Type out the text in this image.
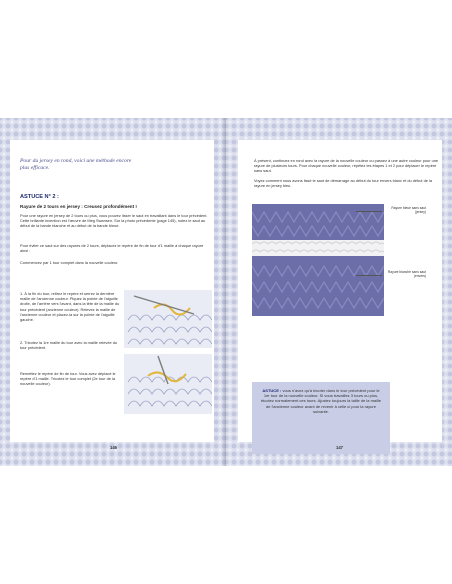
Pour du jersey en rond, voici une méthode encore plus efficace.
ASTUCE N° 2 :
Rayure de 2 tours en jersey : Creusez profondément !

Pour une rayure en jersey de 2 tours ou plus, vous pouvez lisser le saut en travaillant dans le tour précédent. Cette brillante invention est l'œuvre de Meg Swansen. Sur la photo précédente (page 145), notez le saut au début de la bande blanche et au début de la bande bleue.

Pour éviter ce saut sur des rayures de 2 tours, déplacez le repère de fin de tour d'1 maille à chaque rayure ainsi :

Commencez par 1 tour complet dans la nouvelle couleur.

1. À la fin du tour, retirez le repère et serrez la dernière maille de l'ancienne couleur. Piquez la pointe de l'aiguille droite, de l'arrière vers l'avant, dans la tête de la maille du tour précédent (ancienne couleur). Relevez la maille de l'ancienne couleur et placez-la sur la pointe de l'aiguille gauche.

2. Tricotez la 1re maille du tour avec la maille relevée du tour précédent.

Remettez le repère de fin de tour. Vous avez déplacé le repère d'1 maille. Tricotez le tour complet (2e tour de la nouvelle couleur).

146

À présent, continuez en rond avec la rayure de la nouvelle couleur ou passez à une autre couleur pour une rayure de plusieurs tours. Pour chaque nouvelle couleur, répétez les étapes 1 et 2 pour déplacer le repère sans saut.

Voyez comment nous avons lissé le saut de démarrage au début du tour envers blanc et du début de la rayure en jersey bleu.

Rayure bleue sans saut (jersey)
Rayure blanche sans saut (envers)
ASTUCE : vous n'avez qu'à tricoter dans le tour précédent pour le 1er tour de la nouvelle couleur. Si vous travaillez 3 tours ou plus, tricotez normalement ces tours. Ajustez toujours la taille de la maille de l'ancienne couleur avant de revenir à celle ci pour la rayure suivante.
147
